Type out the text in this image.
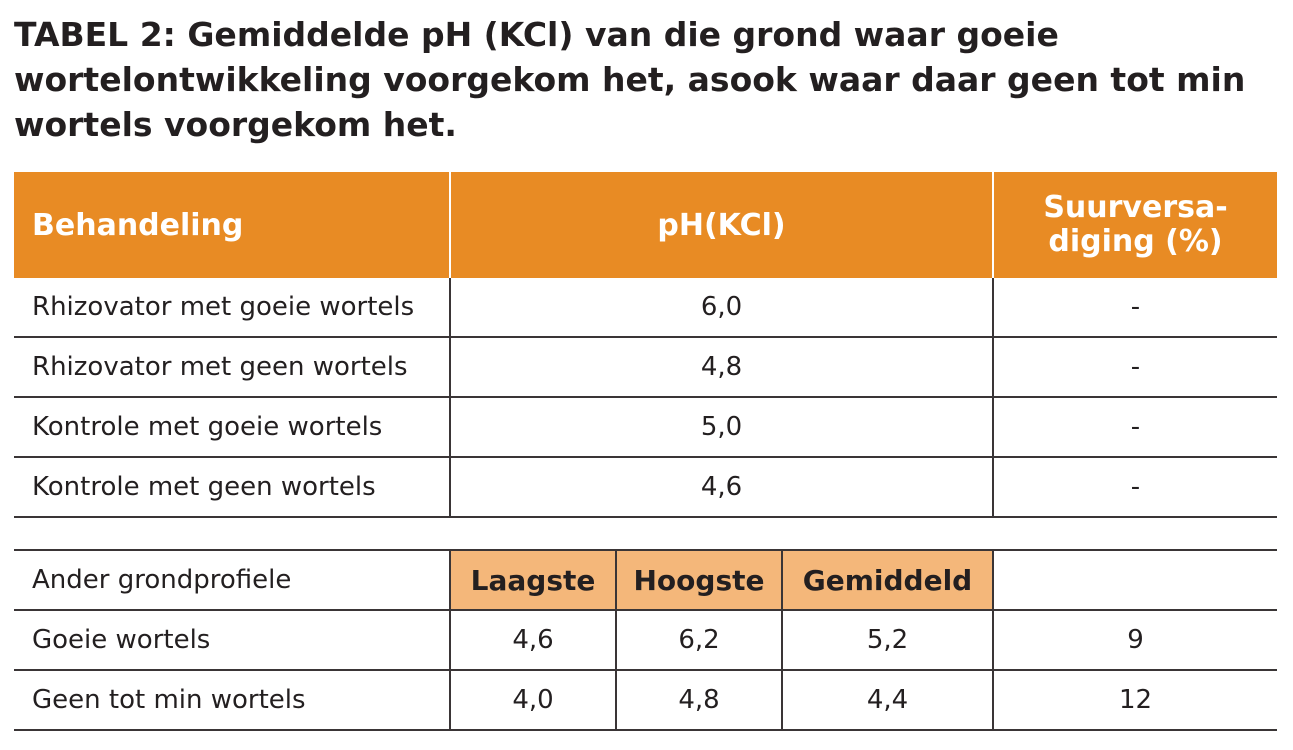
TABEL 2: Gemiddelde pH (KCl) van die grond waar goeie
wortelontwikkeling voorgekom het, asook waar daar geen tot min
wortels voorgekom het.
Behandeling	pH(KCl)	Suurversa-
diging (%)

Rhizovator met goeie wortels	6,0	-
Rhizovator met geen wortels	4,8	-
Kontrole met goeie wortels	5,0	-
Kontrole met geen wortels	4,6	-
Ander grondprofiele	Laagste	Hoogste	Gemiddeld	
Goeie wortels	4,6	6,2	5,2	9
Geen tot min wortels	4,0	4,8	4,4	12
